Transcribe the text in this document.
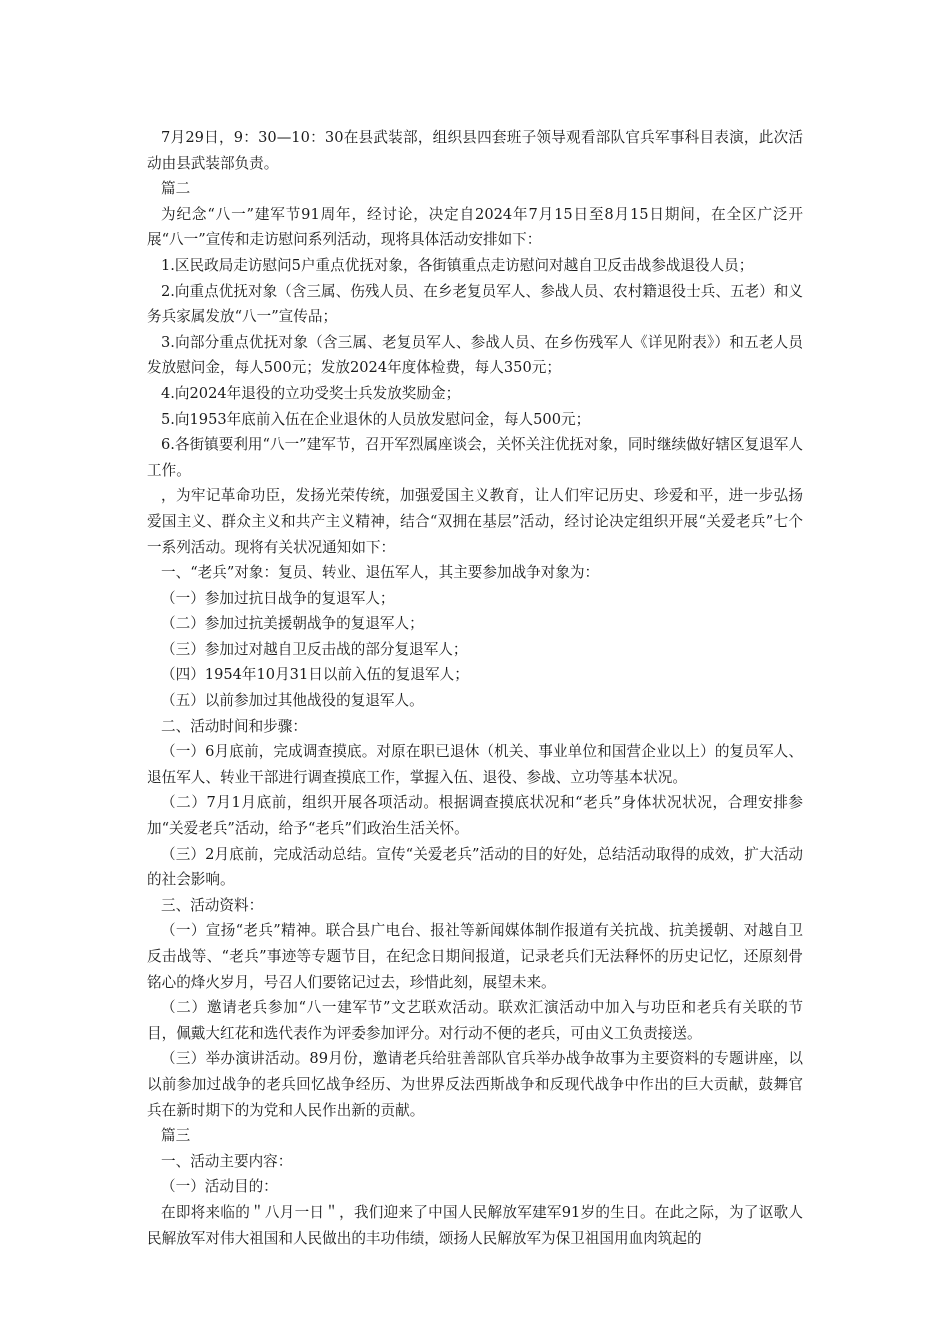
7月29日，9：30—10：30在县武装部，组织县四套班子领导观看部队官兵军事科目表演，此次活动由县武装部负责。

篇二

为纪念“八一”建军节91周年，经讨论，决定自2024年7月15日至8月15日期间，在全区广泛开展“八一”宣传和走访慰问系列活动，现将具体活动安排如下：

1.区民政局走访慰问5户重点优抚对象，各街镇重点走访慰问对越自卫反击战参战退役人员；

2.向重点优抚对象（含三属、伤残人员、在乡老复员军人、参战人员、农村籍退役士兵、五老）和义务兵家属发放“八一”宣传品；

3.向部分重点优抚对象（含三属、老复员军人、参战人员、在乡伤残军人《详见附表》）和五老人员发放慰问金，每人500元；发放2024年度体检费，每人350元；

4.向2024年退役的立功受奖士兵发放奖励金；

5.向1953年底前入伍在企业退休的人员放发慰问金，每人500元；

6.各街镇要利用“八一”建军节，召开军烈属座谈会，关怀关注优抚对象，同时继续做好辖区复退军人工作。

，为牢记革命功臣，发扬光荣传统，加强爱国主义教育，让人们牢记历史、珍爱和平，进一步弘扬爱国主义、群众主义和共产主义精神，结合“双拥在基层”活动，经讨论决定组织开展“关爱老兵”七个一系列活动。现将有关状况通知如下：

一、“老兵”对象：复员、转业、退伍军人，其主要参加战争对象为：

（一）参加过抗日战争的复退军人；

（二）参加过抗美援朝战争的复退军人；

（三）参加过对越自卫反击战的部分复退军人；

（四）1954年10月31日以前入伍的复退军人；

（五）以前参加过其他战役的复退军人。

二、活动时间和步骤：

（一）6月底前，完成调查摸底。对原在职已退休（机关、事业单位和国营企业以上）的复员军人、退伍军人、转业干部进行调查摸底工作，掌握入伍、退役、参战、立功等基本状况。

（二）7月1月底前，组织开展各项活动。根据调查摸底状况和“老兵”身体状况状况，合理安排参加“关爱老兵”活动，给予“老兵”们政治生活关怀。

（三）2月底前，完成活动总结。宣传“关爱老兵”活动的目的好处，总结活动取得的成效，扩大活动的社会影响。

三、活动资料：

（一）宣扬“老兵”精神。联合县广电台、报社等新闻媒体制作报道有关抗战、抗美援朝、对越自卫反击战等、“老兵”事迹等专题节目，在纪念日期间报道，记录老兵们无法释怀的历史记忆，还原刻骨铭心的烽火岁月，号召人们要铭记过去，珍惜此刻，展望未来。

（二）邀请老兵参加“八一建军节”文艺联欢活动。联欢汇演活动中加入与功臣和老兵有关联的节目，佩戴大红花和选代表作为评委参加评分。对行动不便的老兵，可由义工负责接送。

（三）举办演讲活动。89月份，邀请老兵给驻善部队官兵举办战争故事为主要资料的专题讲座，以以前参加过战争的老兵回忆战争经历、为世界反法西斯战争和反现代战争中作出的巨大贡献，鼓舞官兵在新时期下的为党和人民作出新的贡献。

篇三

一、活动主要内容：

（一）活动目的：

在即将来临的＂八月一日＂，我们迎来了中国人民解放军建军91岁的生日。在此之际，为了讴歌人民解放军对伟大祖国和人民做出的丰功伟绩，颂扬人民解放军为保卫祖国用血肉筑起的
